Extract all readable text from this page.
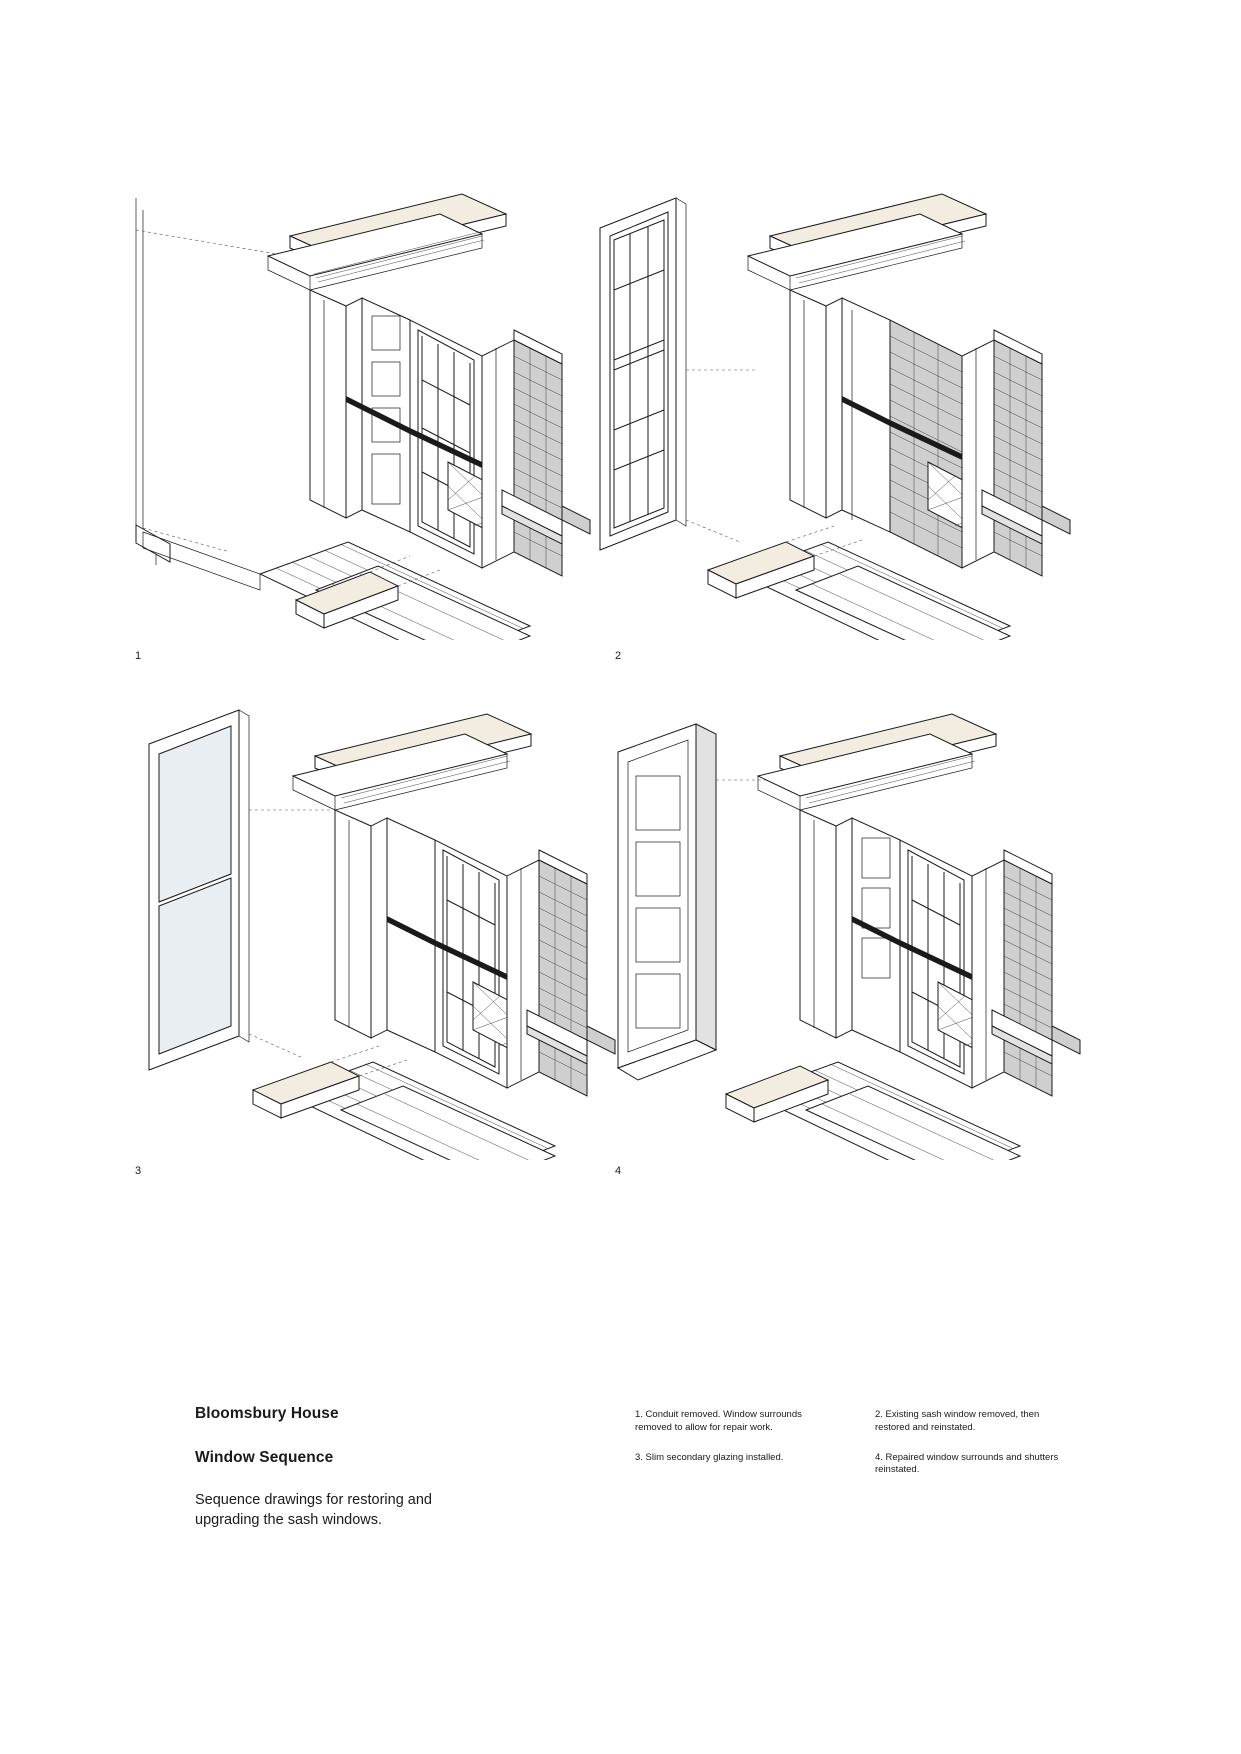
1	2
3	4

Bloomsbury House

Window Sequence

Sequence drawings for restoring and upgrading the sash windows.

1. Conduit removed. Window surrounds removed to allow for repair work.

3. Slim secondary glazing installed.

2. Existing sash window removed, then restored and reinstated.

4. Repaired window surrounds and shutters reinstated.
